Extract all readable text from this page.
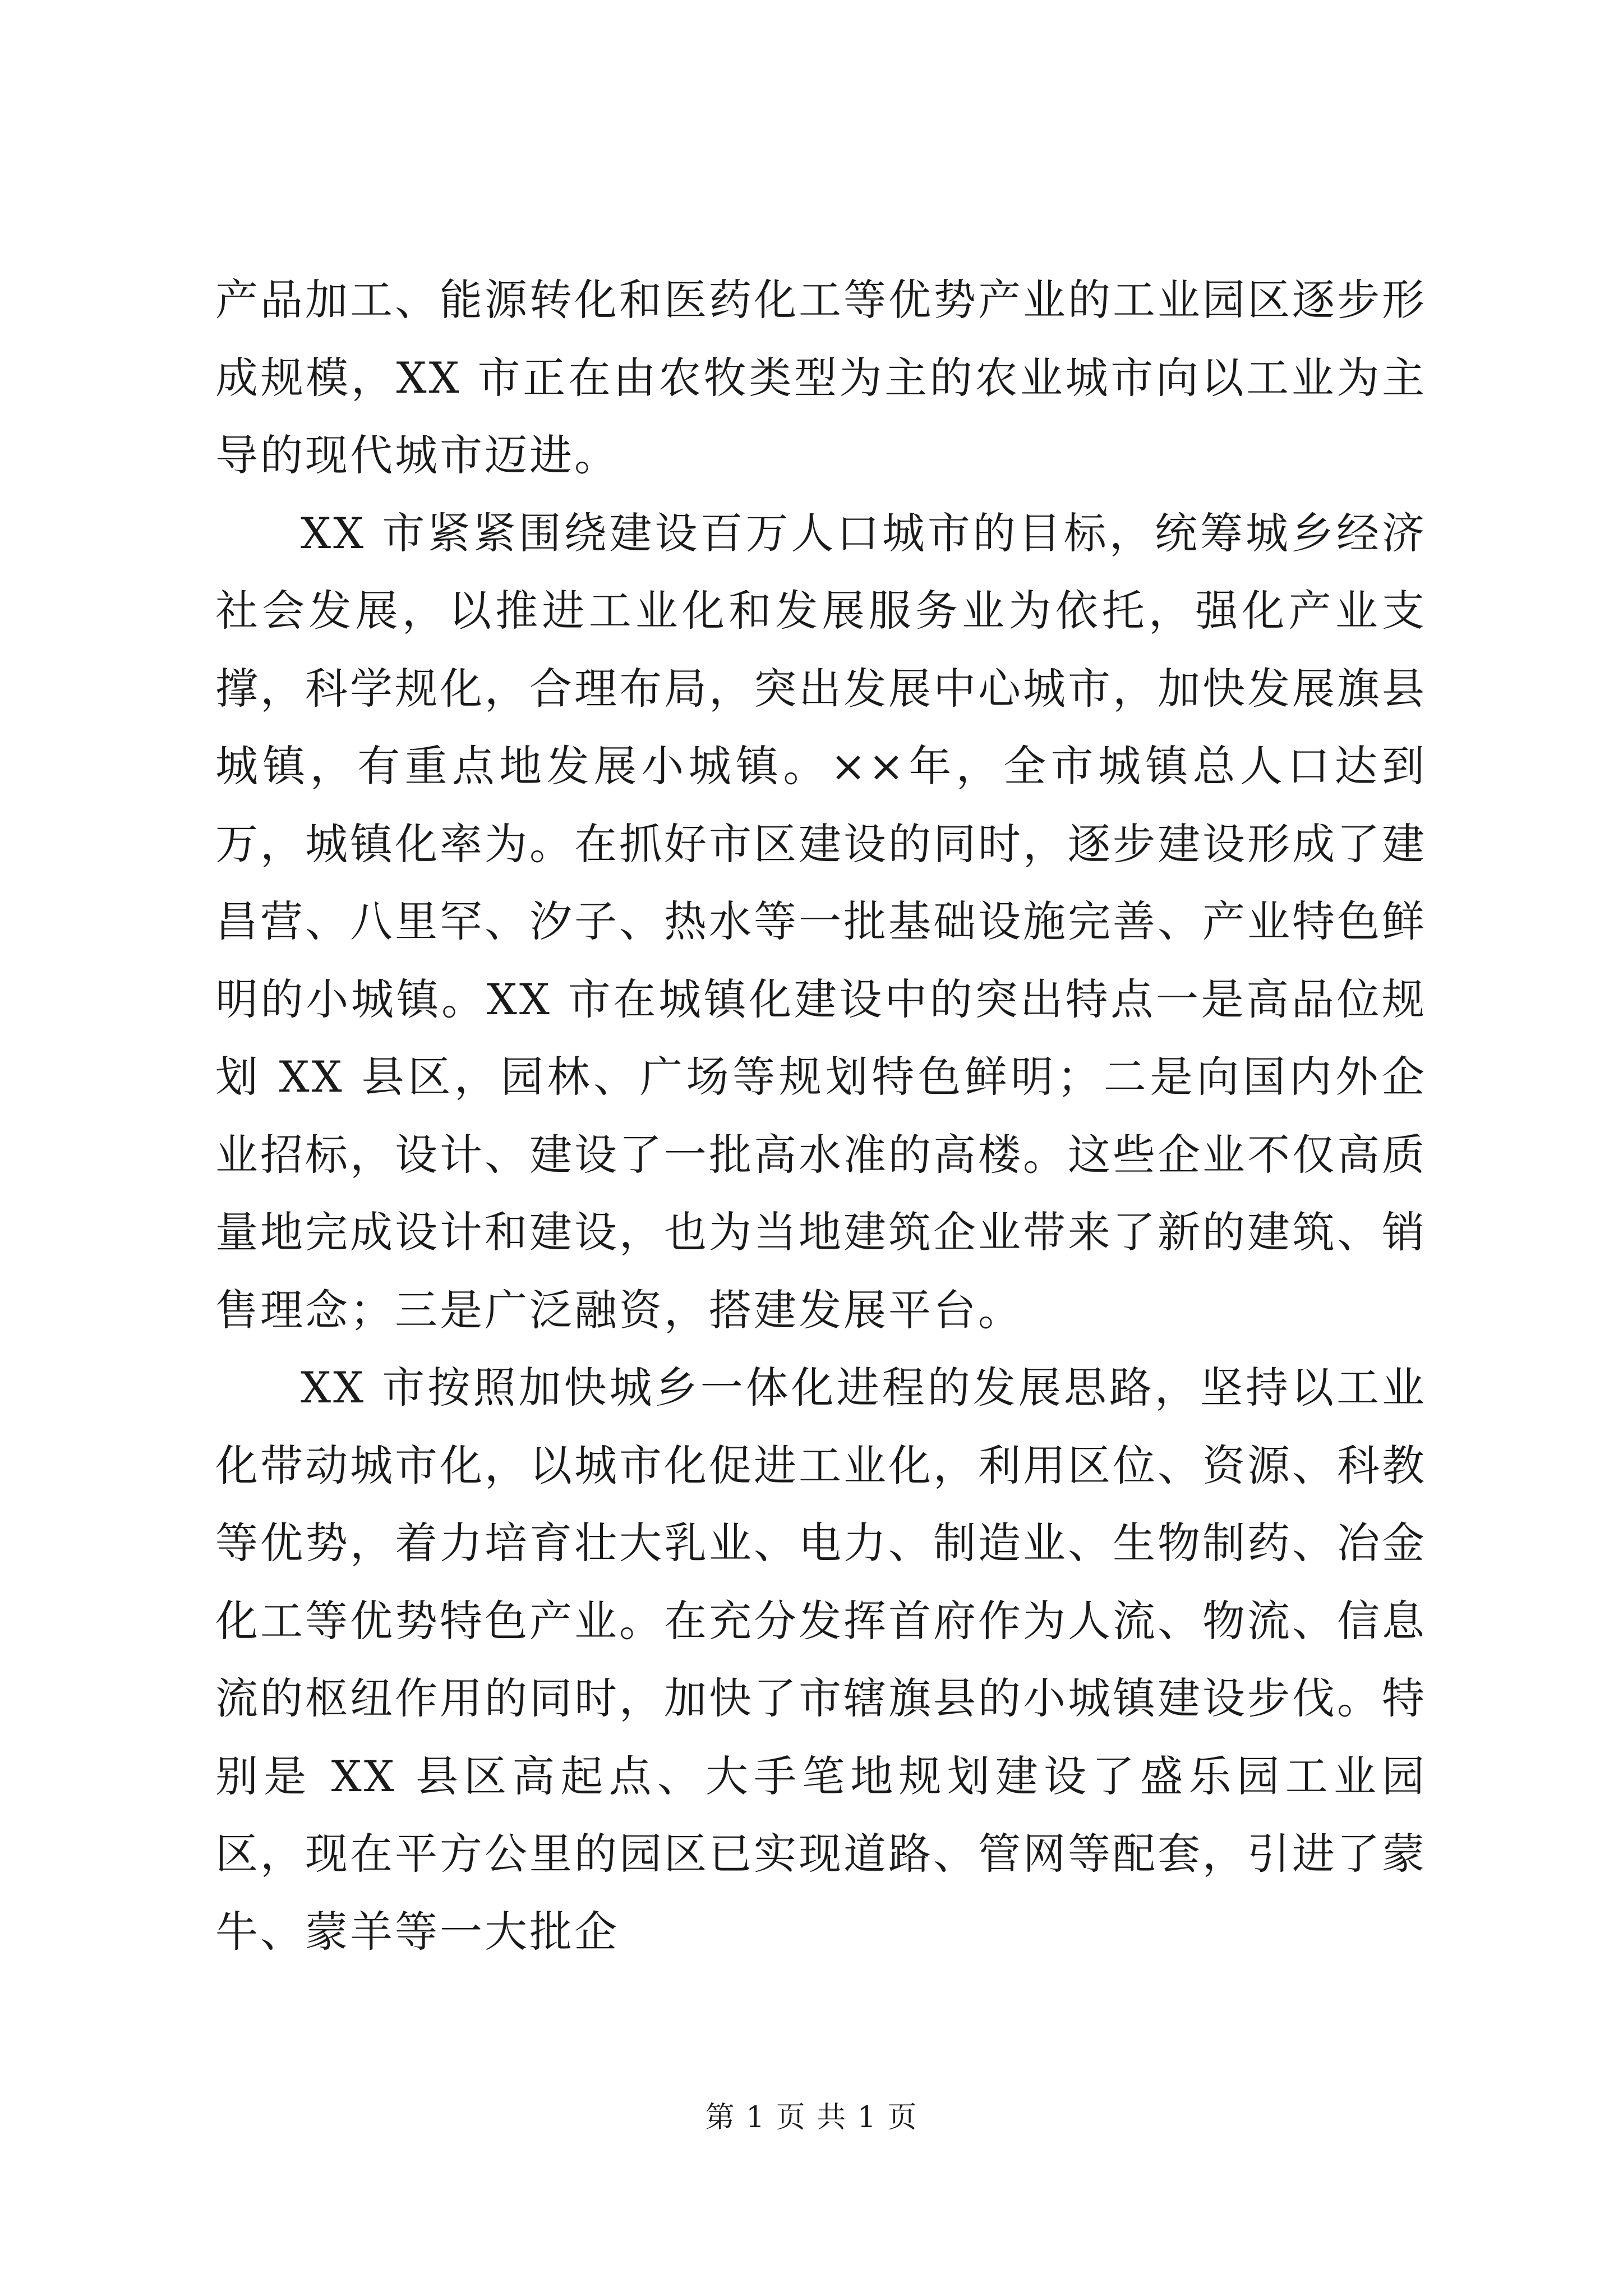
产品加工、能源转化和医药化工等优势产业的工业园区逐步形成规模，XX 市正在由农牧类型为主的农业城市向以工业为主导的现代城市迈进。

XX 市紧紧围绕建设百万人口城市的目标，统筹城乡经济社会发展，以推进工业化和发展服务业为依托，强化产业支撑，科学规化，合理布局，突出发展中心城市，加快发展旗县城镇，有重点地发展小城镇。××年，全市城镇总人口达到万，城镇化率为。在抓好市区建设的同时，逐步建设形成了建昌营、八里罕、汐子、热水等一批基础设施完善、产业特色鲜明的小城镇。XX 市在城镇化建设中的突出特点一是高品位规划 XX 县区，园林、广场等规划特色鲜明；二是向国内外企业招标，设计、建设了一批高水准的高楼。这些企业不仅高质量地完成设计和建设，也为当地建筑企业带来了新的建筑、销售理念；三是广泛融资，搭建发展平台。

XX 市按照加快城乡一体化进程的发展思路，坚持以工业化带动城市化，以城市化促进工业化，利用区位、资源、科教等优势，着力培育壮大乳业、电力、制造业、生物制药、冶金化工等优势特色产业。在充分发挥首府作为人流、物流、信息流的枢纽作用的同时，加快了市辖旗县的小城镇建设步伐。特别是 XX 县区高起点、大手笔地规划建设了盛乐园工业园区，现在平方公里的园区已实现道路、管网等配套，引进了蒙牛、蒙羊等一大批企

第 1 页 共 1 页
